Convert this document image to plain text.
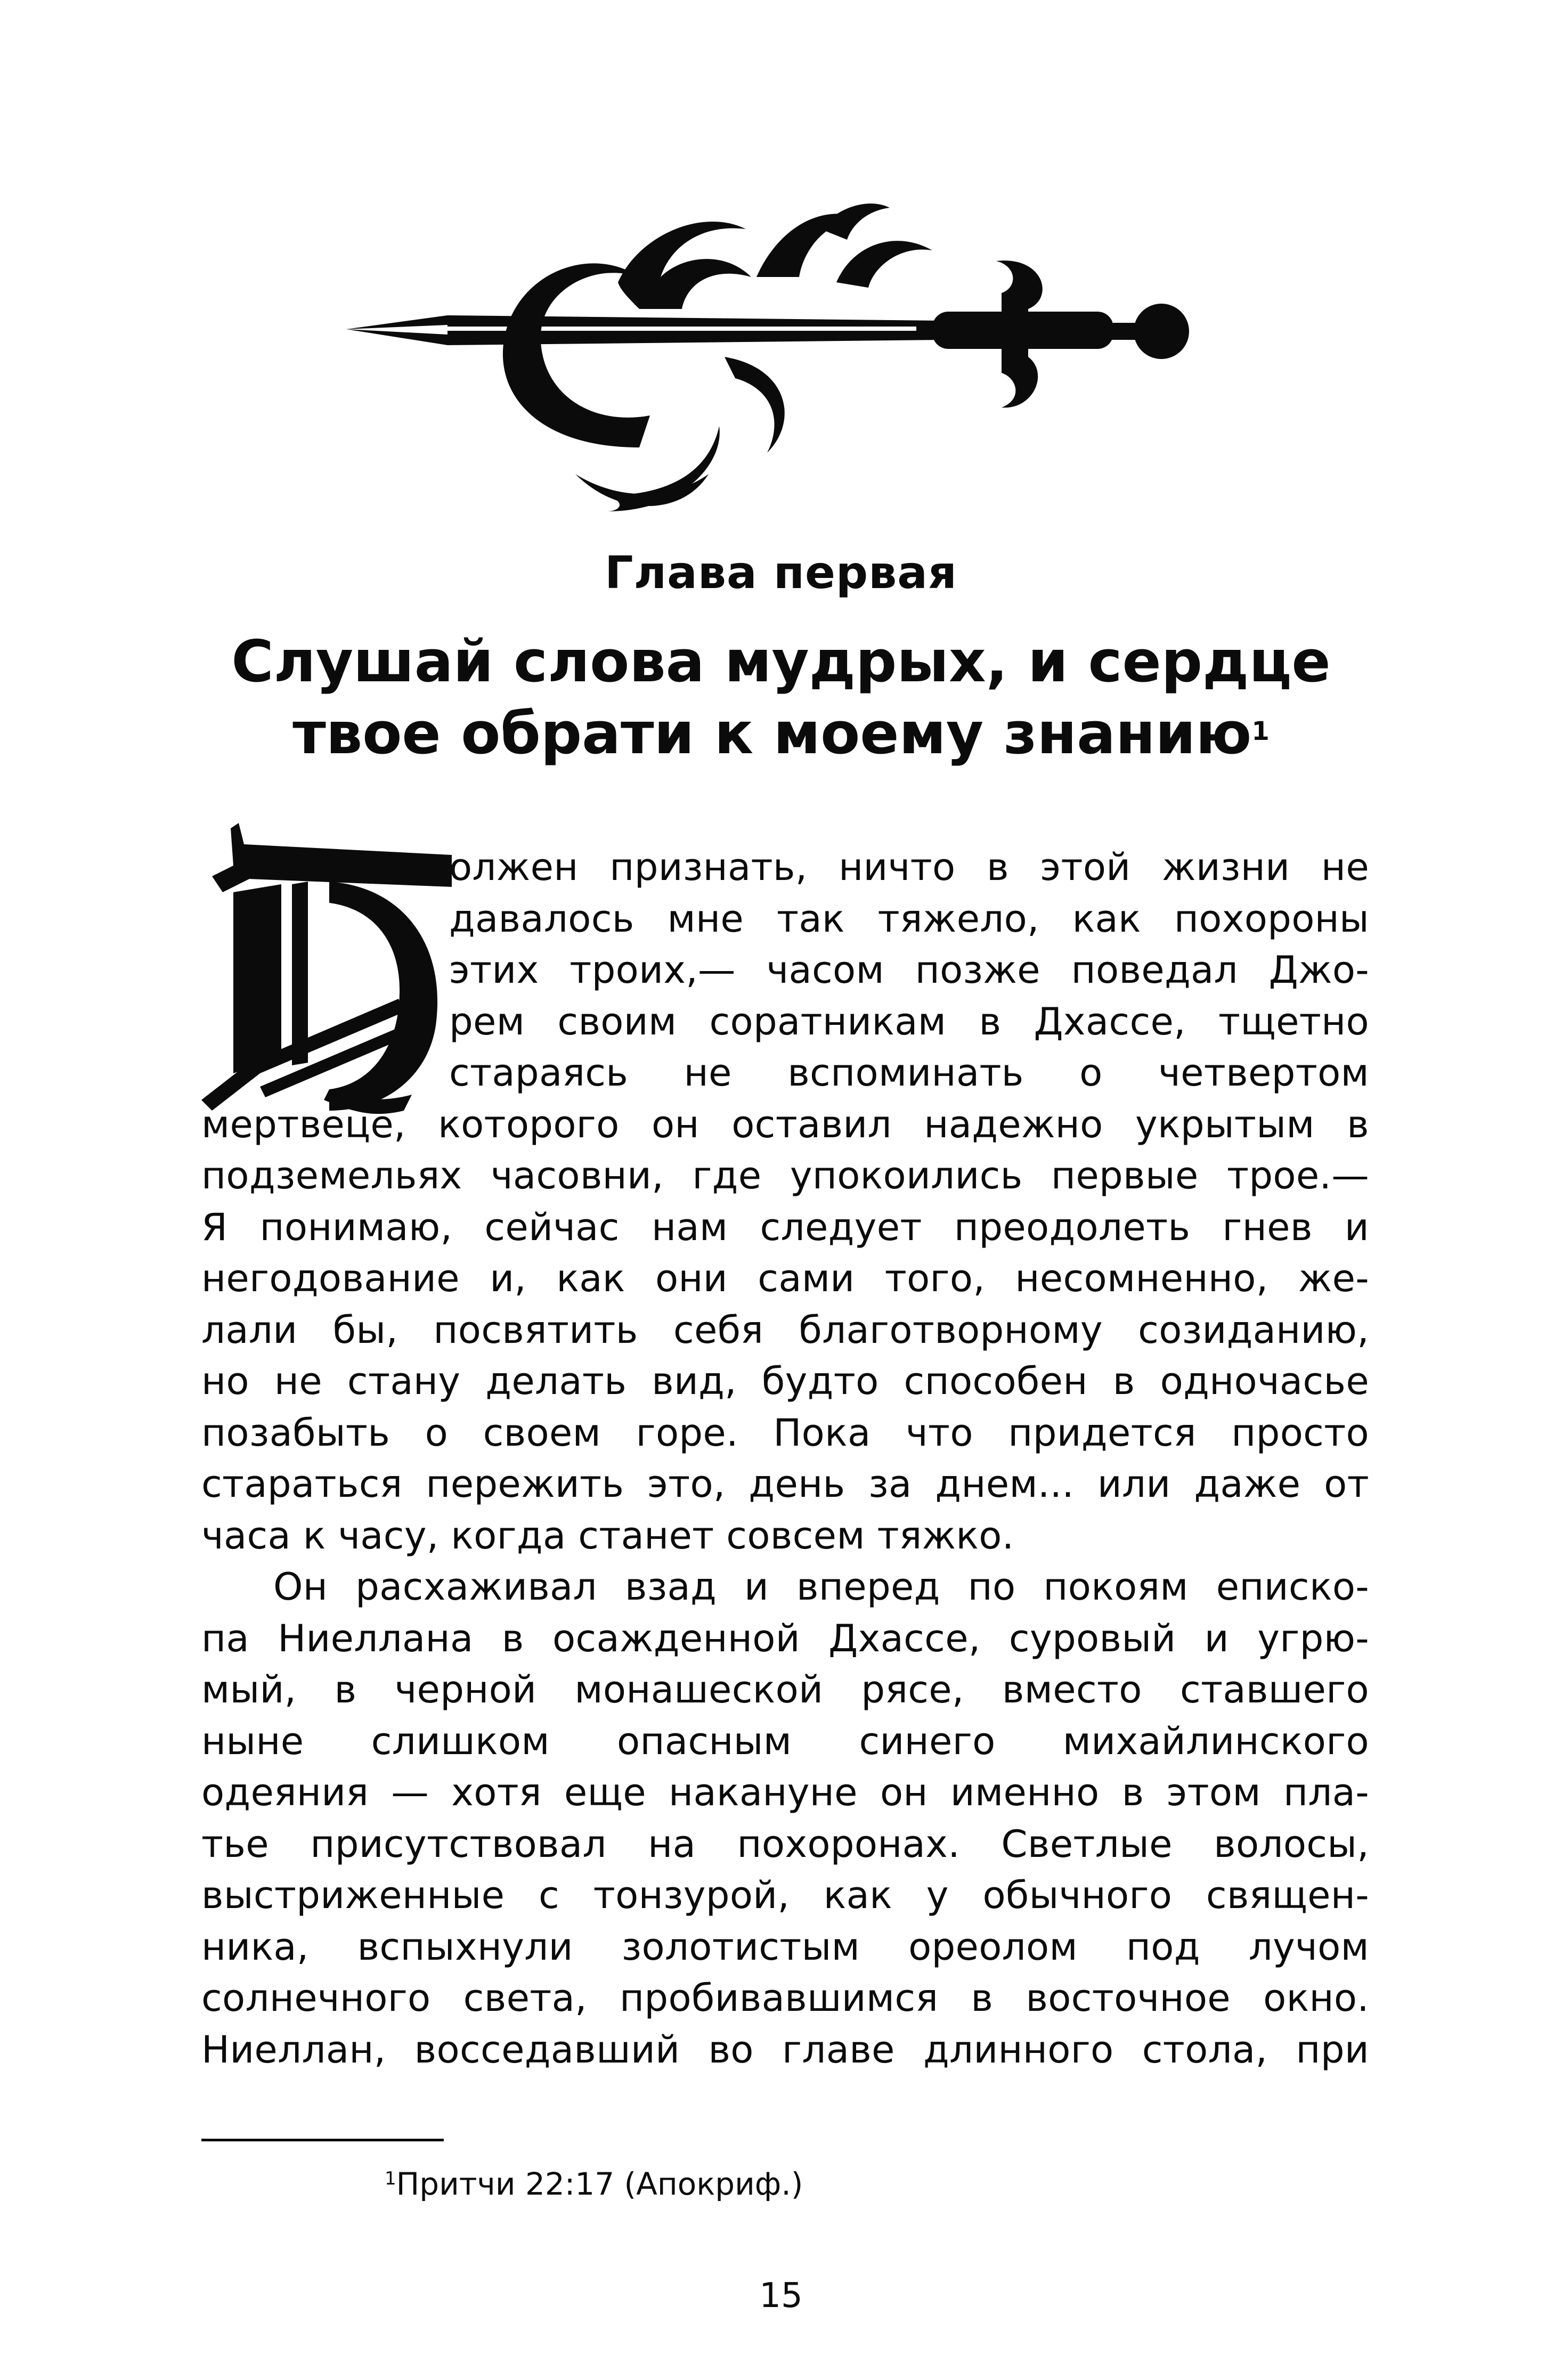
Глава первая
Слушай слова мудрых, и сердце
твое обрати к моему знанию$^1$
Д
олжен признать, ничто в этой жизни не
давалось мне так тяжело, как похороны
этих троих,— часом позже поведал Джо-
рем своим соратникам в Дхассе, тщетно
стараясь не вспоминать о четвертом
мертвеце, которого он оставил надежно укрытым в
подземельях часовни, где упокоились первые трое.—
Я понимаю, сейчас нам следует преодолеть гнев и
негодование и, как они сами того, несомненно, же-
лали бы, посвятить себя благотворному созиданию,
но не стану делать вид, будто способен в одночасье
позабыть о своем горе. Пока что придется просто
стараться пережить это, день за днем... или даже от
часа к часу, когда станет совсем тяжко.
Он расхаживал взад и вперед по покоям еписко-
па Ниеллана в осажденной Дхассе, суровый и угрю-
мый, в черной монашеской рясе, вместо ставшего
ныне слишком опасным синего михайлинского
одеяния — хотя еще накануне он именно в этом пла-
тье присутствовал на похоронах. Светлые волосы,
выстриженные с тонзурой, как у обычного священ-
ника, вспыхнули золотистым ореолом под лучом
солнечного света, пробивавшимся в восточное окно.
Ниеллан, восседавший во главе длинного стола, при
$^1$Притчи 22:17 (Апокриф.)
15
